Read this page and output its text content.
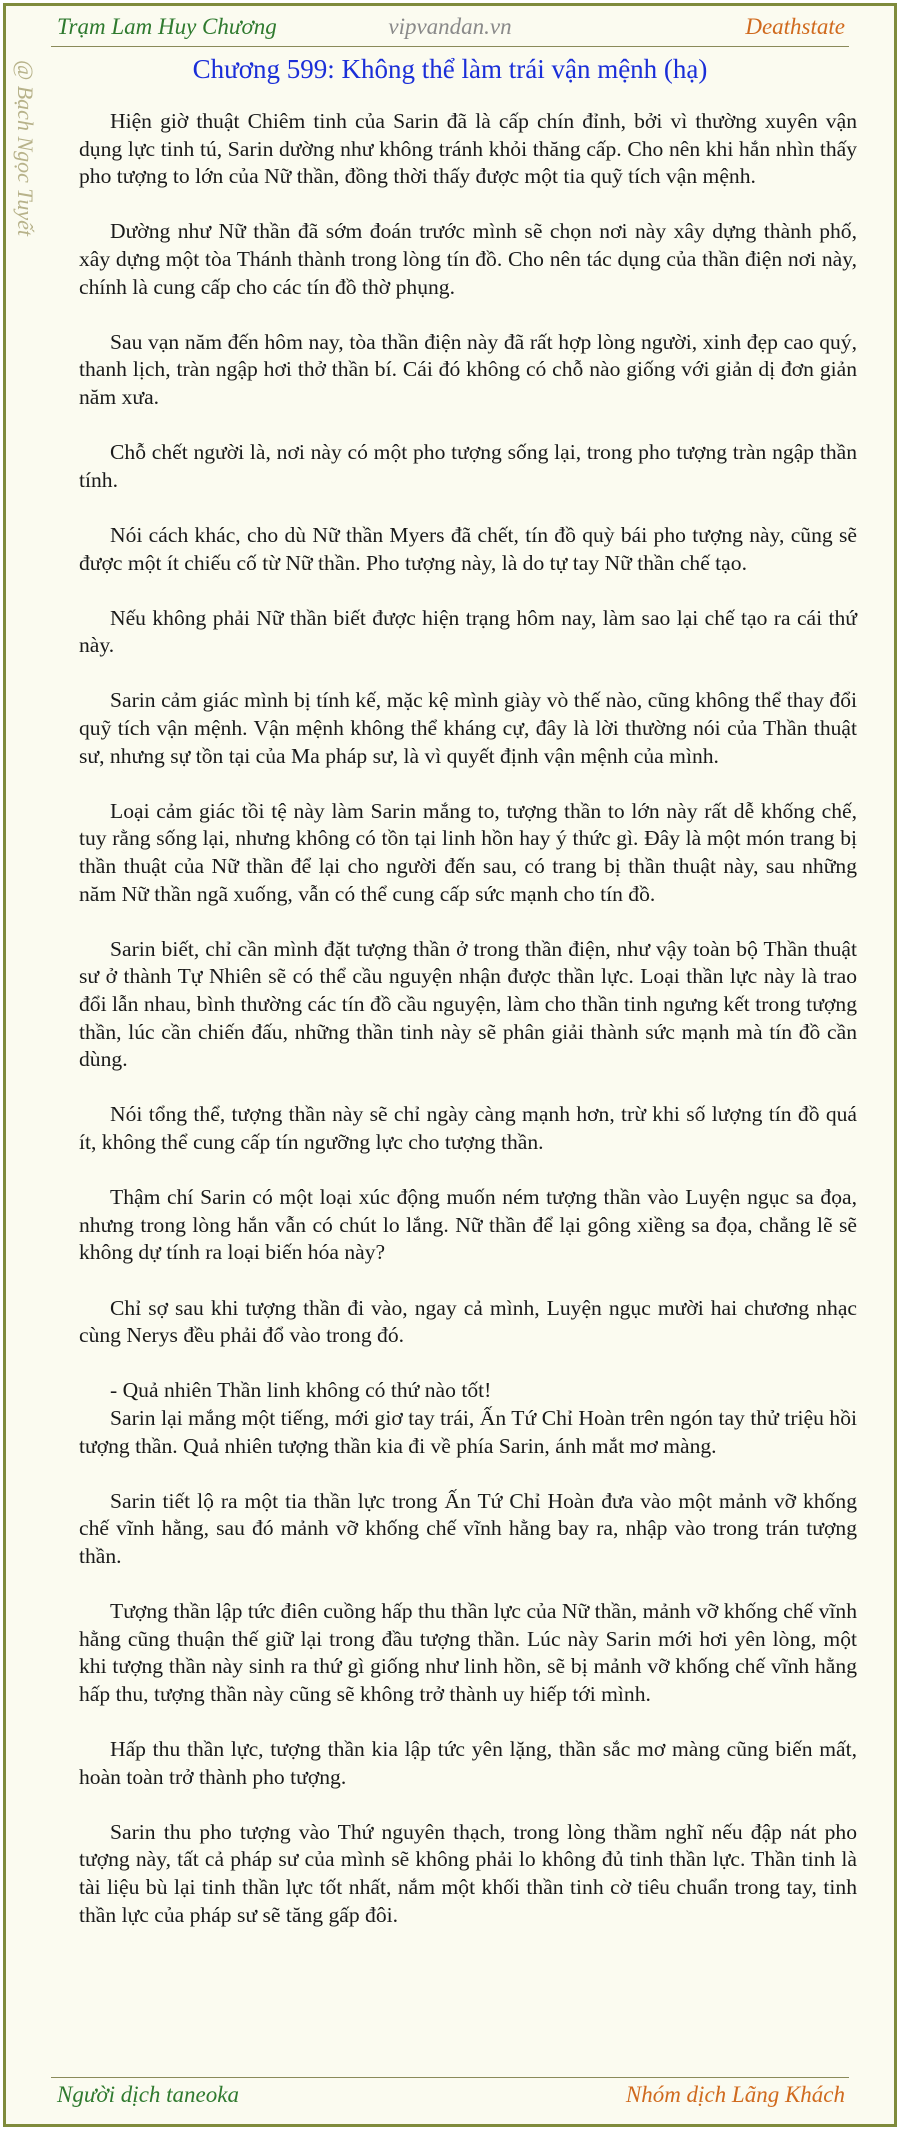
Trạm Lam Huy Chương	vipvandan.vn	Deathstate
@ Bạch Ngọc Tuyết	Chương 599: Không thể làm trái vận mệnh (hạ)

Hiện giờ thuật Chiêm tinh của Sarin đã là cấp chín đỉnh, bởi vì thường xuyên vận dụng lực tinh tú, Sarin dường như không tránh khỏi thăng cấp. Cho nên khi hắn nhìn thấy pho tượng to lớn của Nữ thần, đồng thời thấy được một tia quỹ tích vận mệnh.

Dường như Nữ thần đã sớm đoán trước mình sẽ chọn nơi này xây dựng thành phố, xây dựng một tòa Thánh thành trong lòng tín đồ. Cho nên tác dụng của thần điện nơi này, chính là cung cấp cho các tín đồ thờ phụng.

Sau vạn năm đến hôm nay, tòa thần điện này đã rất hợp lòng người, xinh đẹp cao quý, thanh lịch, tràn ngập hơi thở thần bí. Cái đó không có chỗ nào giống với giản dị đơn giản năm xưa.

Chỗ chết người là, nơi này có một pho tượng sống lại, trong pho tượng tràn ngập thần tính.

Nói cách khác, cho dù Nữ thần Myers đã chết, tín đồ quỳ bái pho tượng này, cũng sẽ được một ít chiếu cố từ Nữ thần. Pho tượng này, là do tự tay Nữ thần chế tạo.

Nếu không phải Nữ thần biết được hiện trạng hôm nay, làm sao lại chế tạo ra cái thứ này.

Sarin cảm giác mình bị tính kế, mặc kệ mình giày vò thế nào, cũng không thể thay đổi quỹ tích vận mệnh. Vận mệnh không thể kháng cự, đây là lời thường nói của Thần thuật sư, nhưng sự tồn tại của Ma pháp sư, là vì quyết định vận mệnh của mình.

Loại cảm giác tồi tệ này làm Sarin mắng to, tượng thần to lớn này rất dễ khống chế, tuy rằng sống lại, nhưng không có tồn tại linh hồn hay ý thức gì. Đây là một món trang bị thần thuật của Nữ thần để lại cho người đến sau, có trang bị thần thuật này, sau những năm Nữ thần ngã xuống, vẫn có thể cung cấp sức mạnh cho tín đồ.

Sarin biết, chỉ cần mình đặt tượng thần ở trong thần điện, như vậy toàn bộ Thần thuật sư ở thành Tự Nhiên sẽ có thể cầu nguyện nhận được thần lực. Loại thần lực này là trao đổi lẫn nhau, bình thường các tín đồ cầu nguyện, làm cho thần tinh ngưng kết trong tượng thần, lúc cần chiến đấu, những thần tinh này sẽ phân giải thành sức mạnh mà tín đồ cần dùng.

Nói tổng thể, tượng thần này sẽ chỉ ngày càng mạnh hơn, trừ khi số lượng tín đồ quá ít, không thể cung cấp tín ngưỡng lực cho tượng thần.

Thậm chí Sarin có một loại xúc động muốn ném tượng thần vào Luyện ngục sa đọa, nhưng trong lòng hắn vẫn có chút lo lắng. Nữ thần để lại gông xiềng sa đọa, chẳng lẽ sẽ không dự tính ra loại biến hóa này?

Chỉ sợ sau khi tượng thần đi vào, ngay cả mình, Luyện ngục mười hai chương nhạc cùng Nerys đều phải đổ vào trong đó.

- Quả nhiên Thần linh không có thứ nào tốt!

Sarin lại mắng một tiếng, mới giơ tay trái, Ấn Tứ Chỉ Hoàn trên ngón tay thử triệu hồi tượng thần. Quả nhiên tượng thần kia đi về phía Sarin, ánh mắt mơ màng.

Sarin tiết lộ ra một tia thần lực trong Ấn Tứ Chỉ Hoàn đưa vào một mảnh vỡ khống chế vĩnh hằng, sau đó mảnh vỡ khống chế vĩnh hằng bay ra, nhập vào trong trán tượng thần.

Tượng thần lập tức điên cuồng hấp thu thần lực của Nữ thần, mảnh vỡ khống chế vĩnh hằng cũng thuận thế giữ lại trong đầu tượng thần. Lúc này Sarin mới hơi yên lòng, một khi tượng thần này sinh ra thứ gì giống như linh hồn, sẽ bị mảnh vỡ khống chế vĩnh hằng hấp thu, tượng thần này cũng sẽ không trở thành uy hiếp tới mình.

Hấp thu thần lực, tượng thần kia lập tức yên lặng, thần sắc mơ màng cũng biến mất, hoàn toàn trở thành pho tượng.

Sarin thu pho tượng vào Thứ nguyên thạch, trong lòng thầm nghĩ nếu đập nát pho tượng này, tất cả pháp sư của mình sẽ không phải lo không đủ tinh thần lực. Thần tinh là tài liệu bù lại tinh thần lực tốt nhất, nắm một khối thần tinh cờ tiêu chuẩn trong tay, tinh thần lực của pháp sư sẽ tăng gấp đôi.

Người dịch taneoka	Nhóm dịch Lãng Khách
